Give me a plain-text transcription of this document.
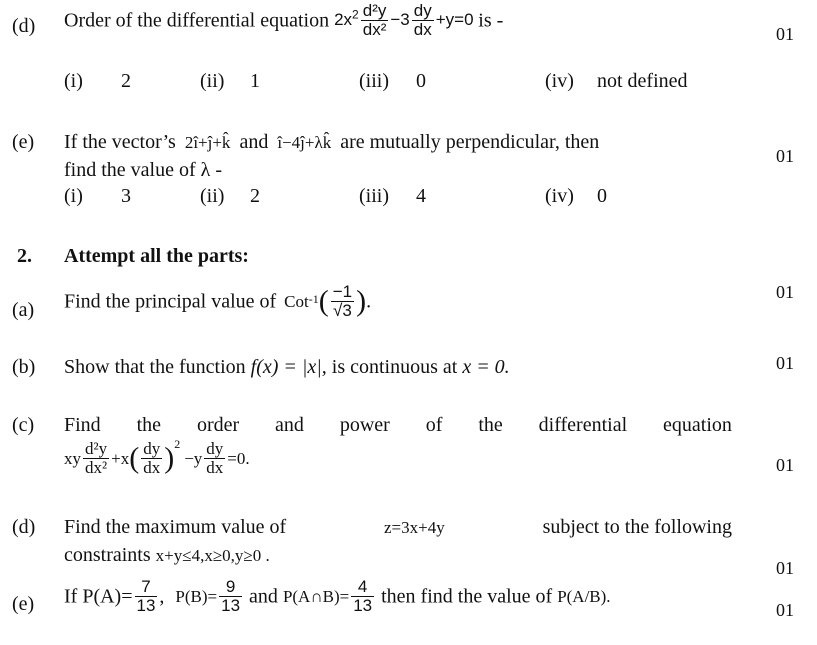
(d) Order of the differential equation $2x^2 \frac{\text{d²y}}{\text{dx²}} -3 \frac{dy}{dx} +y=0$ is -
01
(i) 2	(ii) 1	(iii) 0	(iv) not defined
(e) If the vector’s 2î+ĵ+k̂ and î−4ĵ+λk̂ are mutually perpendicular, then
find the value of λ -
01
(i) 3	(ii) 2	(iii) 4	(iv) 0
2. Attempt all the parts:
(a) Find the principal value of $Cot^{-1}( \frac{-1}{√3}$ ).	01
(b) Show that the function f(x) = |x|, is continuous at x = 0.	01
(c) Find the order and power of the differential equation
xy $\frac{\text{d²y}}{\text{dx²}} +x( \frac{dy}{dx} )^2-y \frac{dy}{dx} =0$.	01
(d) Find the maximum value of	z=3x+4y	subject to the following
constraints x+y≤4,x≥0,y≥0 .
01
(e) If $P(A)= \frac{7}{13}$ , $P(B)= \frac{9}{13}$ and P(A∩B)= $\frac{4}{13}$ then find the value of P(A/B).
01
